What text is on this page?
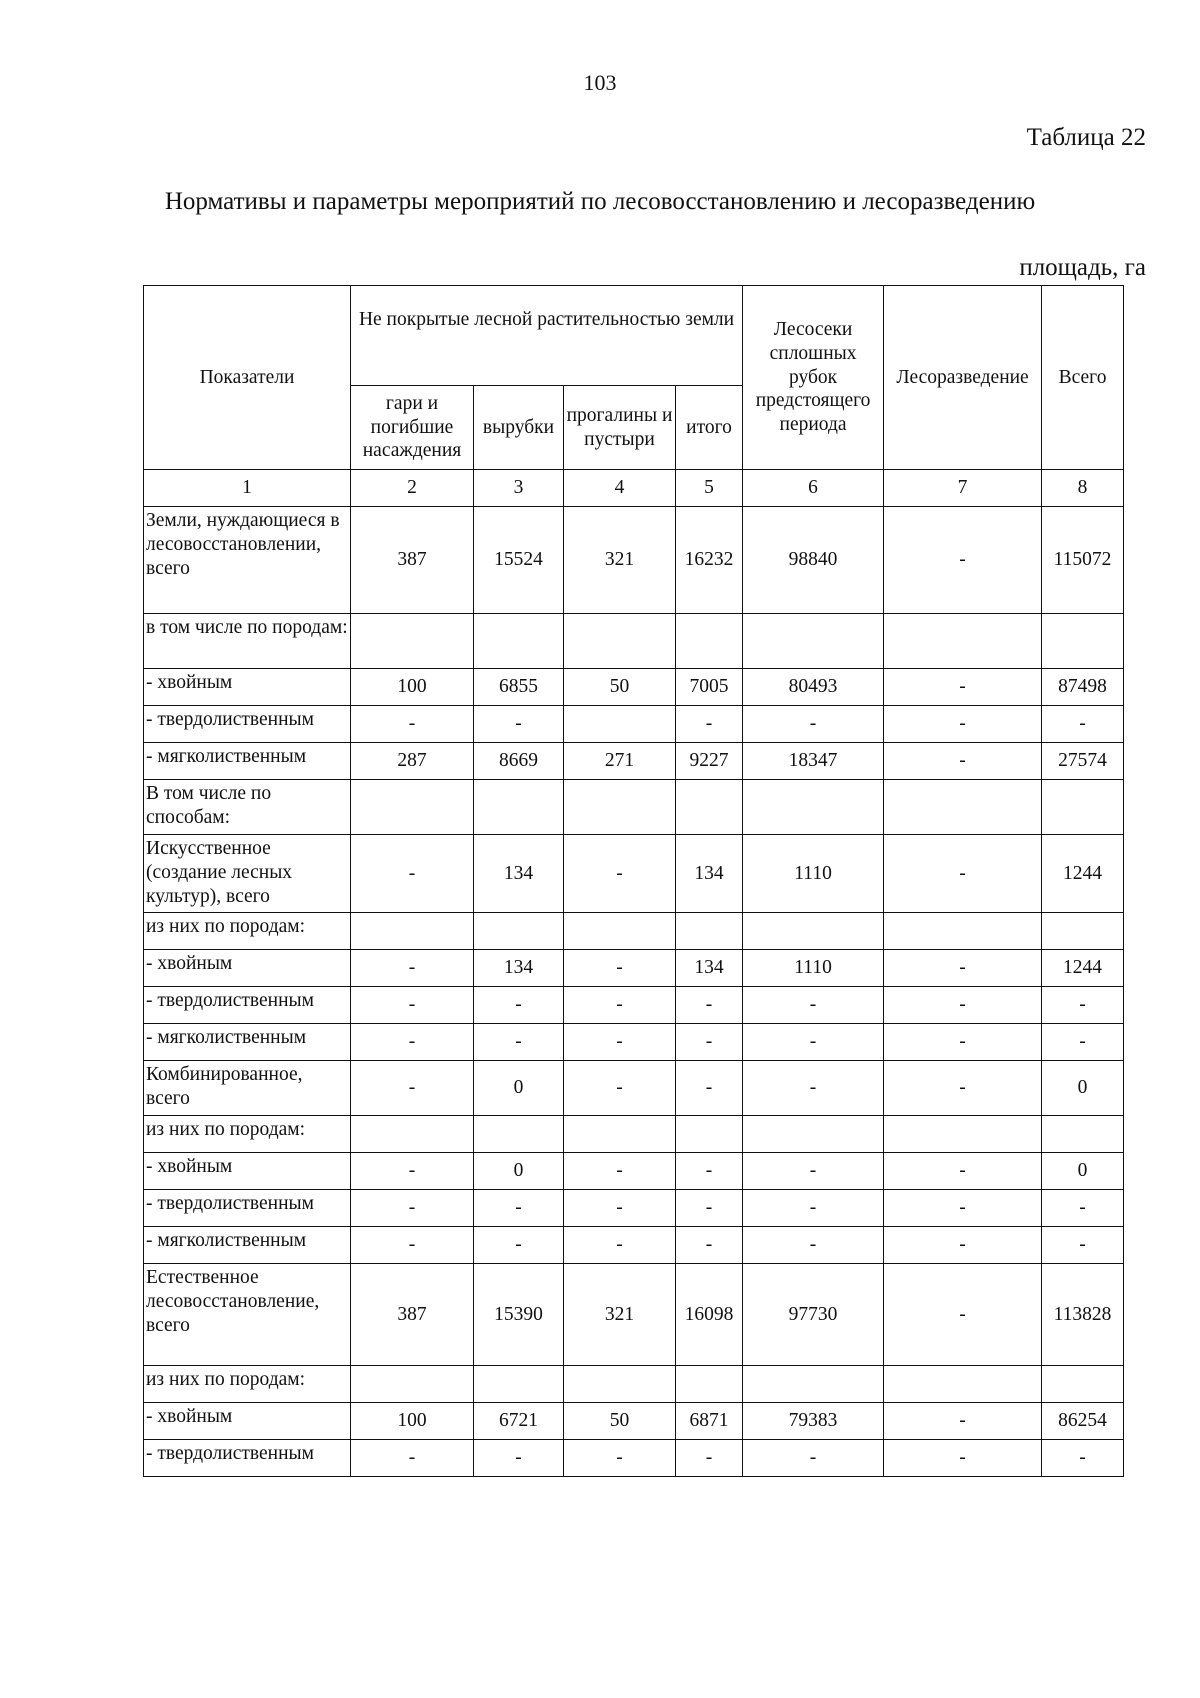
103
Таблица 22
Нормативы и параметры мероприятий по лесовосстановлению и лесоразведению
площадь, га
Показатели	Не покрытые лесной растительностью земли				Лесосеки сплошных рубок предстоящего периода	Лесоразведение	Всего
	гари и погибшие насаждения	вырубки	прогалины и пустыри	итого			
1	2	3	4	5	6	7	8
Земли, нуждающиеся в лесовосстановлении, всего	387	15524	321	16232	98840	-	115072
в том числе по породам:							
- хвойным	100	6855	50	7005	80493	-	87498
- твердолиственным	-	-		-	-	-	-
- мягколиственным	287	8669	271	9227	18347	-	27574
В том числе по способам:							
Искусственное (создание лесных культур), всего	-	134	-	134	1110	-	1244
из них по породам:							
- хвойным	-	134	-	134	1110	-	1244
- твердолиственным	-	-	-	-	-	-	-
- мягколиственным	-	-	-	-	-	-	-
Комбинированное, всего	-	0	-	-	-	-	0
из них по породам:							
- хвойным	-	0	-	-	-	-	0
- твердолиственным	-	-	-	-	-	-	-
- мягколиственным	-	-	-	-	-	-	-
Естественное лесовосстановление, всего	387	15390	321	16098	97730	-	113828
из них по породам:							
- хвойным	100	6721	50	6871	79383	-	86254
- твердолиственным	-	-	-	-	-	-	-
